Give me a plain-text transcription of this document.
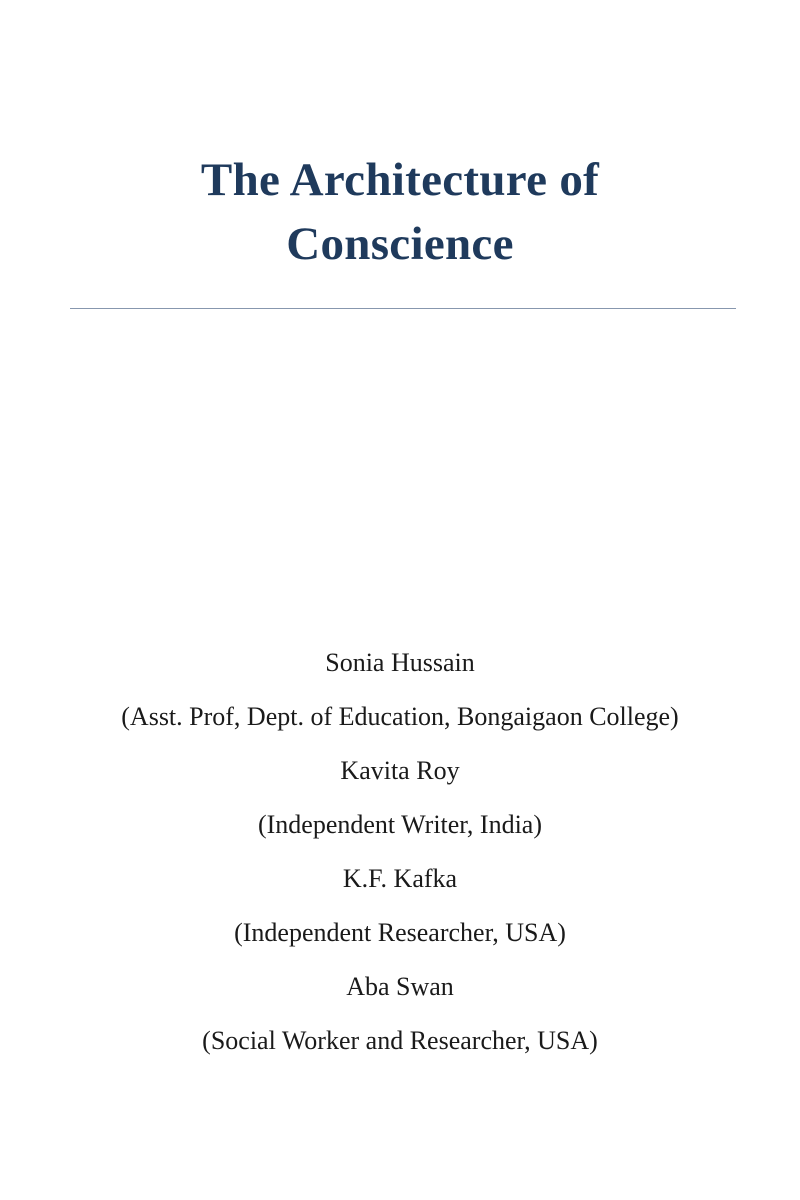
The Architecture of
Conscience
Sonia Hussain
(Asst. Prof, Dept. of Education, Bongaigaon College)
Kavita Roy
(Independent Writer, India)
K.F. Kafka
(Independent Researcher, USA)
Aba Swan
(Social Worker and Researcher, USA)
